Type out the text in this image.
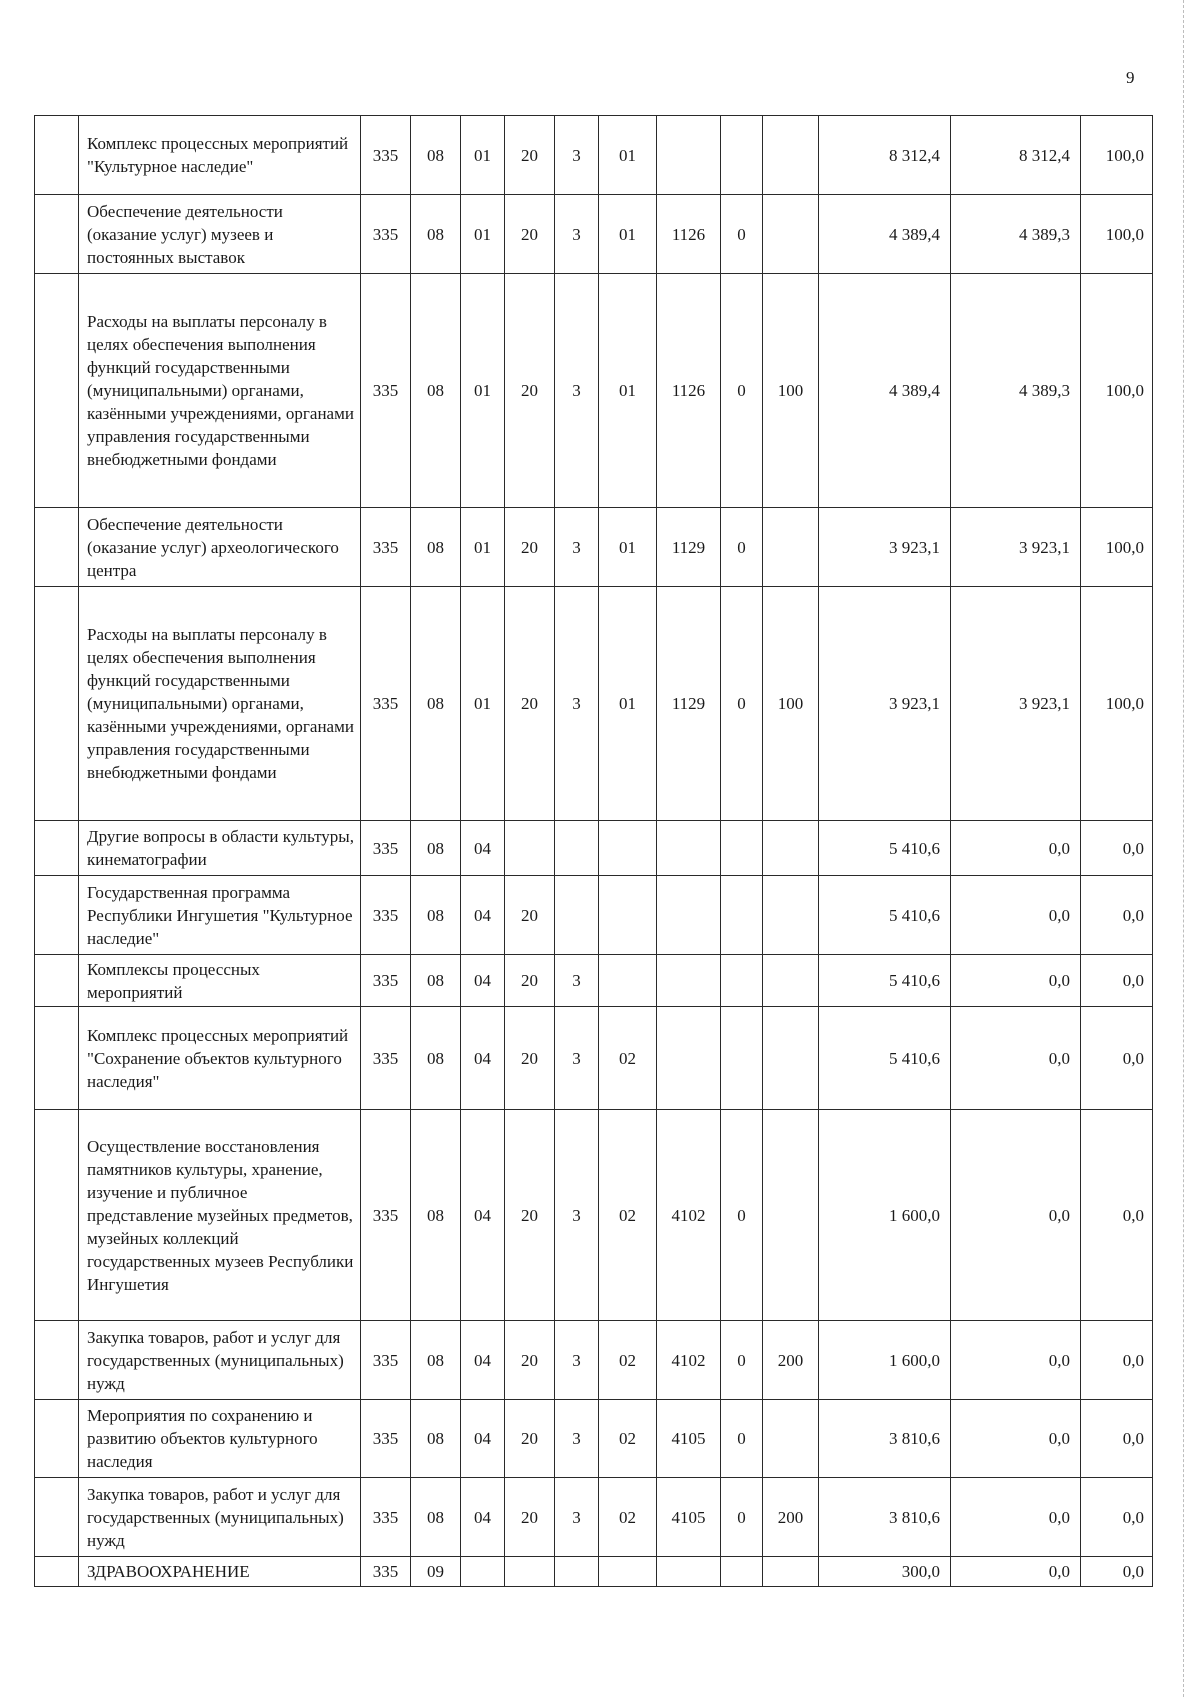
9
	Комплекс процессных мероприятий "Культурное наследие"	335	08	01	20	3	01				8 312,4	8 312,4	100,0
	Обеспечение деятельности (оказание услуг) музеев и постоянных выставок	335	08	01	20	3	01	1126	0		4 389,4	4 389,3	100,0
	Расходы на выплаты персоналу в целях обеспечения выполнения функций государственными (муниципальными) органами, казёнными учреждениями, органами управления государственными внебюджетными фондами	335	08	01	20	3	01	1126	0	100	4 389,4	4 389,3	100,0
	Обеспечение деятельности (оказание услуг) археологического центра	335	08	01	20	3	01	1129	0		3 923,1	3 923,1	100,0
	Расходы на выплаты персоналу в целях обеспечения выполнения функций государственными (муниципальными) органами, казёнными учреждениями, органами управления государственными внебюджетными фондами	335	08	01	20	3	01	1129	0	100	3 923,1	3 923,1	100,0
	Другие вопросы в области культуры, кинематографии	335	08	04							5 410,6	0,0	0,0
	Государственная программа Республики Ингушетия "Культурное наследие"	335	08	04	20						5 410,6	0,0	0,0
	Комплексы процессных мероприятий	335	08	04	20	3					5 410,6	0,0	0,0
	Комплекс процессных мероприятий "Сохранение объектов культурного наследия"	335	08	04	20	3	02				5 410,6	0,0	0,0
	Осуществление восстановления памятников культуры, хранение, изучение и публичное представление музейных предметов, музейных коллекций государственных музеев Республики Ингушетия	335	08	04	20	3	02	4102	0		1 600,0	0,0	0,0
	Закупка товаров, работ и услуг для государственных (муниципальных) нужд	335	08	04	20	3	02	4102	0	200	1 600,0	0,0	0,0
	Мероприятия по сохранению и развитию объектов культурного наследия	335	08	04	20	3	02	4105	0		3 810,6	0,0	0,0
	Закупка товаров, работ и услуг для государственных (муниципальных) нужд	335	08	04	20	3	02	4105	0	200	3 810,6	0,0	0,0
	ЗДРАВООХРАНЕНИЕ	335	09								300,0	0,0	0,0
